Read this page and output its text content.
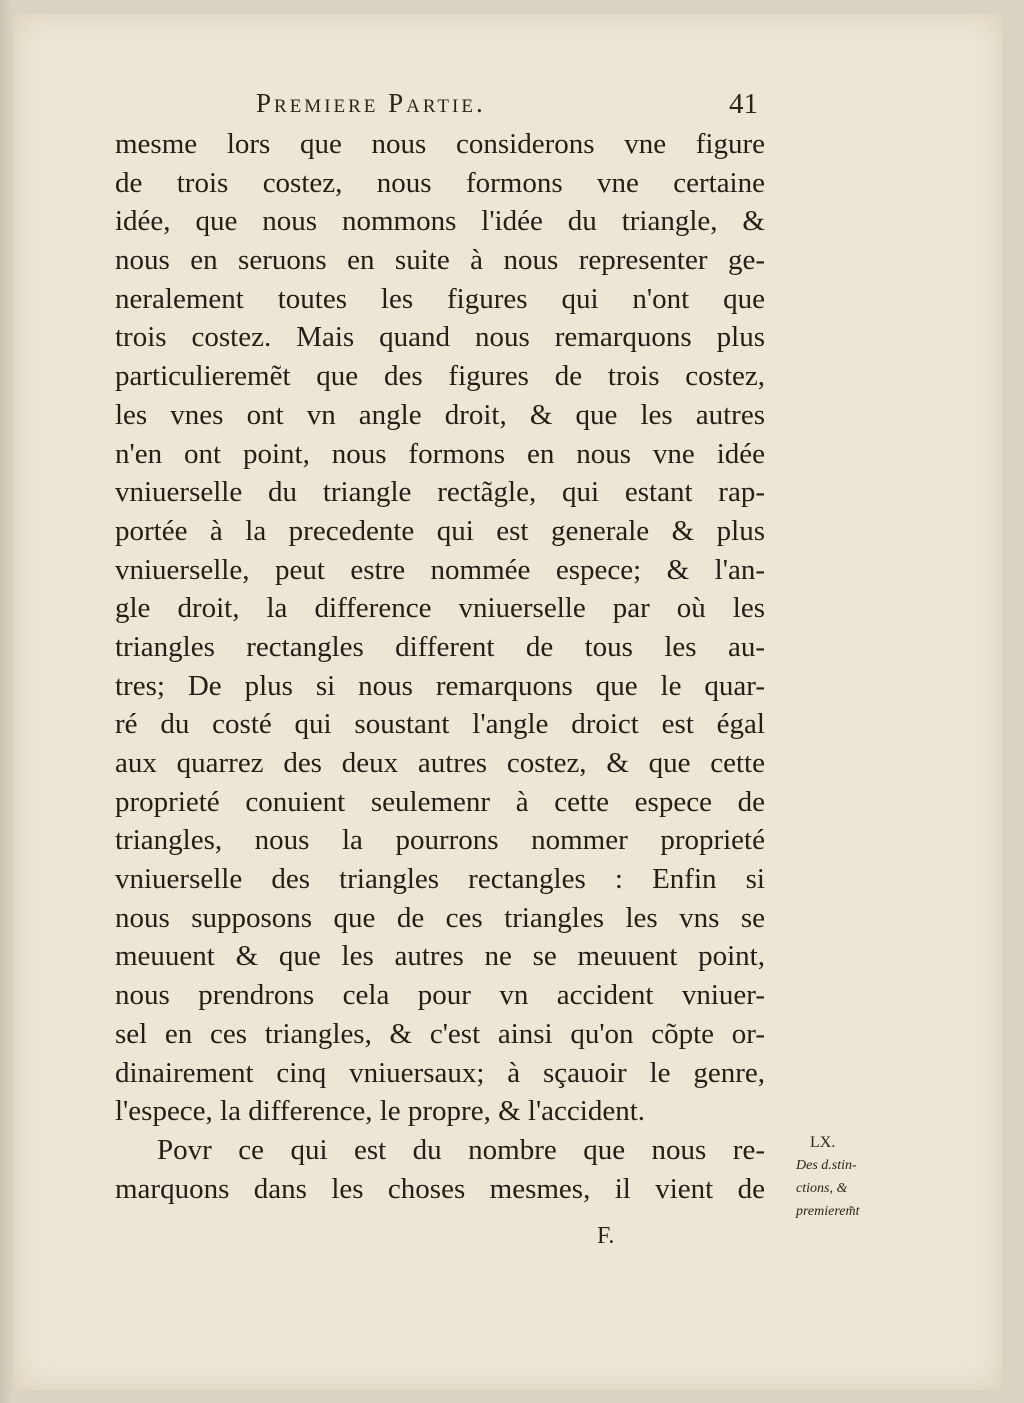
Premiere Partie.	41
mesme lors que nous considerons vne figure
de trois costez, nous formons vne certaine
idée, que nous nommons l'idée du triangle, &
nous en seruons en suite à nous representer ge-
neralement toutes les figures qui n'ont que
trois costez. Mais quand nous remarquons plus
particulieremẽt que des figures de trois costez,
les vnes ont vn angle droit, & que les autres
n'en ont point, nous formons en nous vne idée
vniuerselle du triangle rectãgle, qui estant rap-
portée à la precedente qui est generale & plus
vniuerselle, peut estre nommée espece; & l'an-
gle droit, la difference vniuerselle par où les
triangles rectangles different de tous les au-
tres; De plus si nous remarquons que le quar-
ré du costé qui soustant l'angle droict est égal
aux quarrez des deux autres costez, & que cette
proprieté conuient seulemenr à cette espece de
triangles, nous la pourrons nommer proprieté
vniuerselle des triangles rectangles : Enfin si
nous supposons que de ces triangles les vns se
meuuent & que les autres ne se meuuent point,
nous prendrons cela pour vn accident vniuer-
sel en ces triangles, & c'est ainsi qu'on cõpte or-
dinairement cinq vniuersaux; à sçauoir le genre,
l'espece, la difference, le propre, & l'accident.
Povr ce qui est du nombre que nous re-
marquons dans les choses mesmes, il vient de
LX.
Des d.stin-
ctions, &
premierem̃t
F.
